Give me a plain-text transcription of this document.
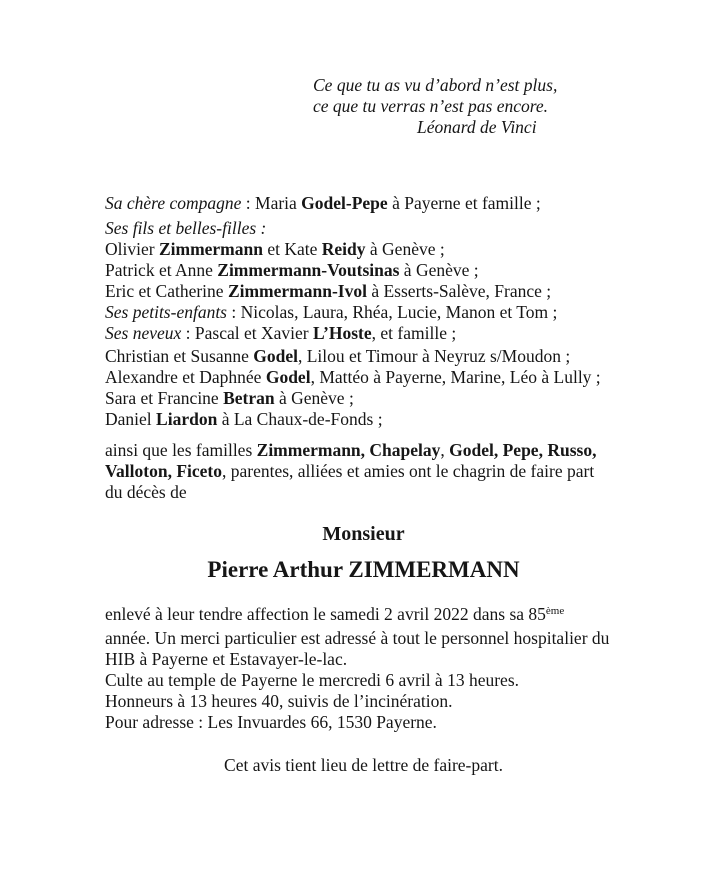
Ce que tu as vu d’abord n’est plus,
ce que tu verras n’est pas encore.
Léonard de Vinci
Sa chère compagne : Maria Godel-Pepe à Payerne et famille ;
Ses fils et belles-filles :
Olivier Zimmermann et Kate Reidy à Genève ;
Patrick et Anne Zimmermann-Voutsinas à Genève ;
Eric et Catherine Zimmermann-Ivol à Esserts-Salève, France ;
Ses petits-enfants : Nicolas, Laura, Rhéa, Lucie, Manon et Tom ;
Ses neveux : Pascal et Xavier L’Hoste, et famille ;
Christian et Susanne Godel, Lilou et Timour à Neyruz s/Moudon ;
Alexandre et Daphnée Godel, Mattéo à Payerne, Marine, Léo à Lully ;
Sara et Francine Betran à Genève ;
Daniel Liardon à La Chaux-de-Fonds ;
ainsi que les familles Zimmermann, Chapelay, Godel, Pepe, Russo,
Valloton, Ficeto, parentes, alliées et amies ont le chagrin de faire part
du décès de
Monsieur
Pierre Arthur ZIMMERMANN
enlevé à leur tendre affection le samedi 2 avril 2022 dans sa 85ème
année. Un merci particulier est adressé à tout le personnel hospitalier du
HIB à Payerne et Estavayer-le-lac.
Culte au temple de Payerne le mercredi 6 avril à 13 heures.
Honneurs à 13 heures 40, suivis de l’incinération.
Pour adresse : Les Invuardes 66, 1530 Payerne.
Cet avis tient lieu de lettre de faire-part.
